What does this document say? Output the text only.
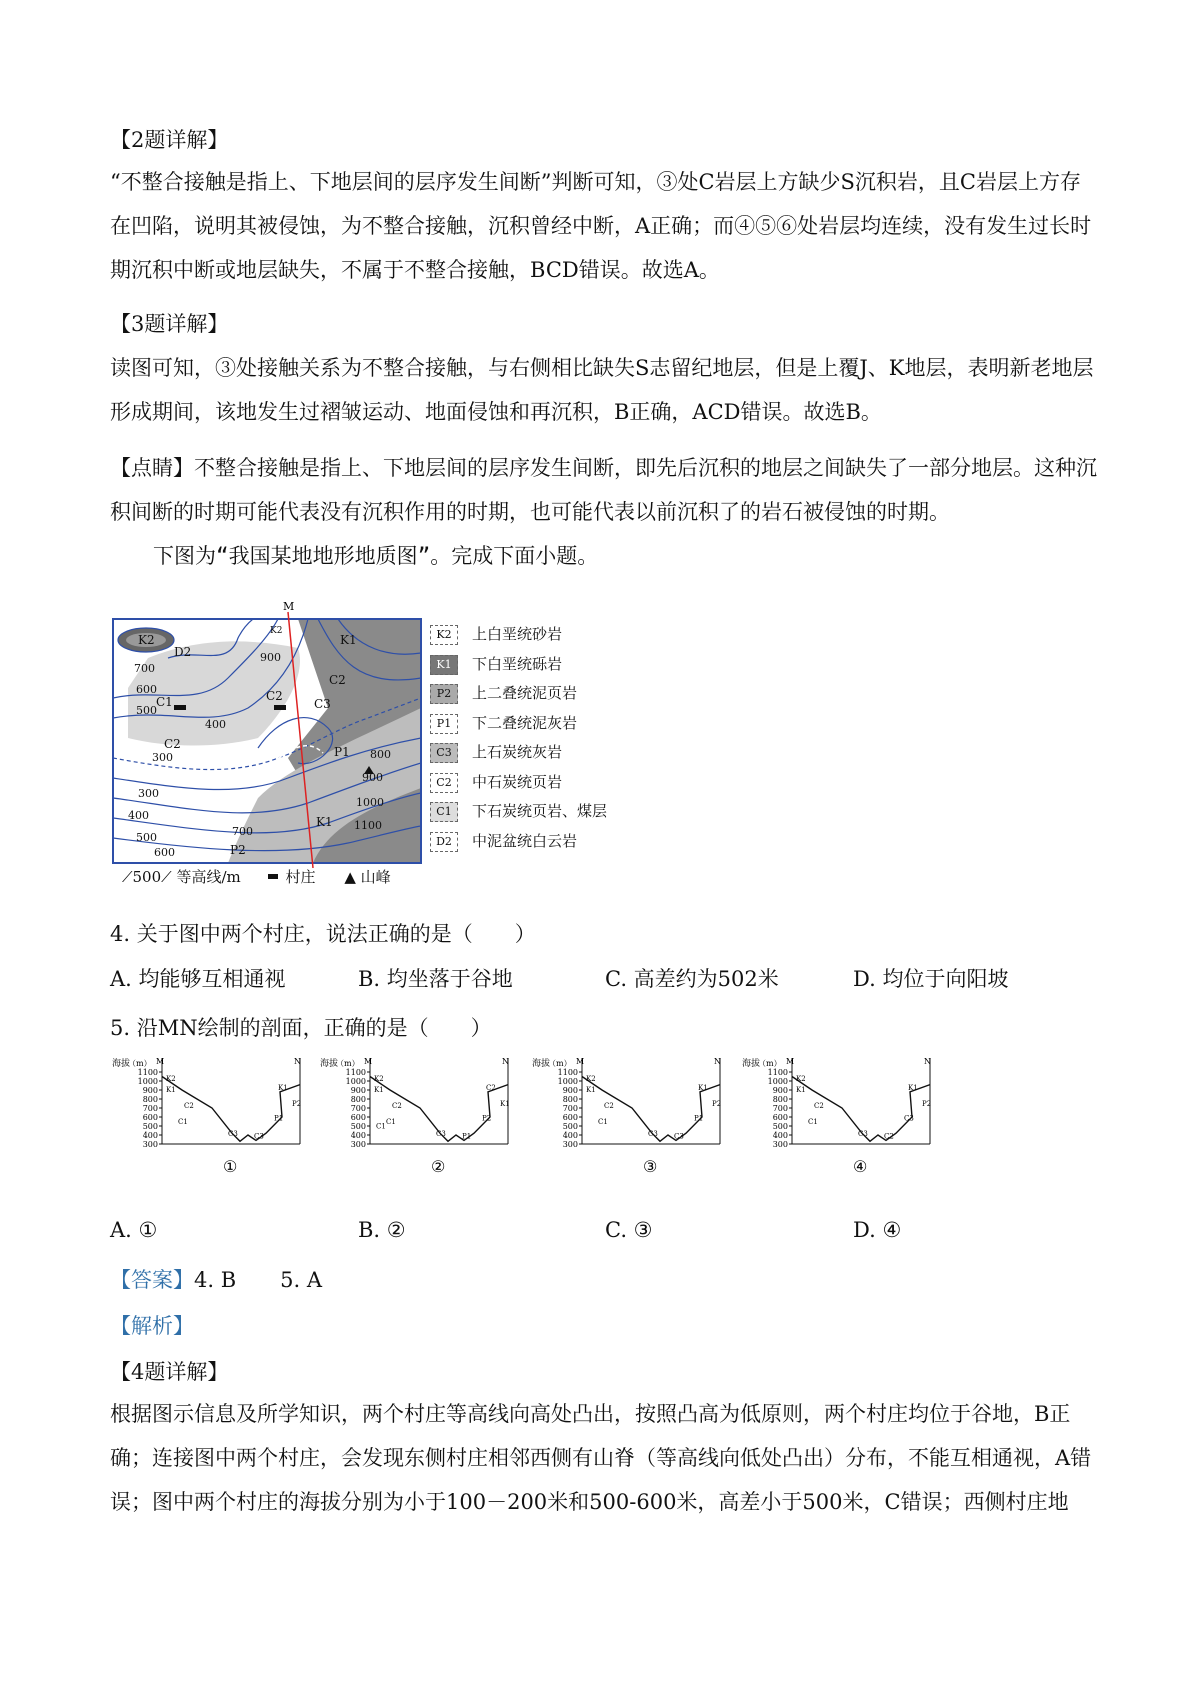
【2题详解】

“不整合接触是指上、下地层间的层序发生间断”判断可知，③处C岩层上方缺少S沉积岩，且C岩层上方存在凹陷，说明其被侵蚀，为不整合接触，沉积曾经中断，A正确；而④⑤⑥处岩层均连续，没有发生过长时期沉积中断或地层缺失，不属于不整合接触，BCD错误。故选A。

【3题详解】

读图可知，③处接触关系为不整合接触，与右侧相比缺失S志留纪地层，但是上覆J、K地层，表明新老地层形成期间，该地发生过褶皱运动、地面侵蚀和再沉积，B正确，ACD错误。故选B。

【点睛】不整合接触是指上、下地层间的层序发生间断，即先后沉积的地层之间缺失了一部分地层。这种沉积间断的时期可能代表没有沉积作用的时期，也可能代表以前沉积了的岩石被侵蚀的时期。

下图为“我国某地地形地质图”。完成下面小题。
M
900
700
600
500
400
300
300
400
500
600
700
800
900
1000
1100
K2
D2
C1	C2
C2
C2
C3
P1
P2
K1
K1
K2	K2 上白垩统砂岩
K1 下白垩统砾岩
P2 上二叠统泥页岩
P1 下二叠统泥灰岩
C3 上石炭统灰岩
C2 中石炭统页岩
C1 下石炭统页岩、煤层
D2 中泥盆统白云岩
⟋500⟋ 等高线/m	村庄 ▲ 山峰
4. 关于图中两个村庄，说法正确的是（　　）
A. 均能够互相通视	B. 均坐落于谷地	C. 高差约为502米	D. 均位于向阳坡
5. 沿MN绘制的剖面，正确的是（　　）
海拔
（m）
1100
1000
900
800
700
600
500
400
300
K2
K1
C2
C1
C3 C3
P1
P2
K1
M	N
①
海拔
（m）
1100
1000
900
800
700
600
500
400
300
K2
K1
C2
C1
C3 P1
P2
K1
C2
C1
M	N
②
海拔
（m）
1100
1000
900
800
700
600
500
400
300
K2
K1
C2
C1
C3 C3
P1
P2
K1
M	N
③
海拔
（m）
1100
1000
900
800
700
600
500
400
300
K2
K1
C2
C1
C3 C2
C3
P2
K1
M	N
④
A. ①	B. ②	C. ③	D. ④
【答案】4. B 5. A
【解析】
【4题详解】

根据图示信息及所学知识，两个村庄等高线向高处凸出，按照凸高为低原则，两个村庄均位于谷地，B正确；连接图中两个村庄，会发现东侧村庄相邻西侧有山脊（等高线向低处凸出）分布，不能互相通视，A错误；图中两个村庄的海拔分别为小于100－200米和500-600米，高差小于500米，C错误；西侧村庄地
